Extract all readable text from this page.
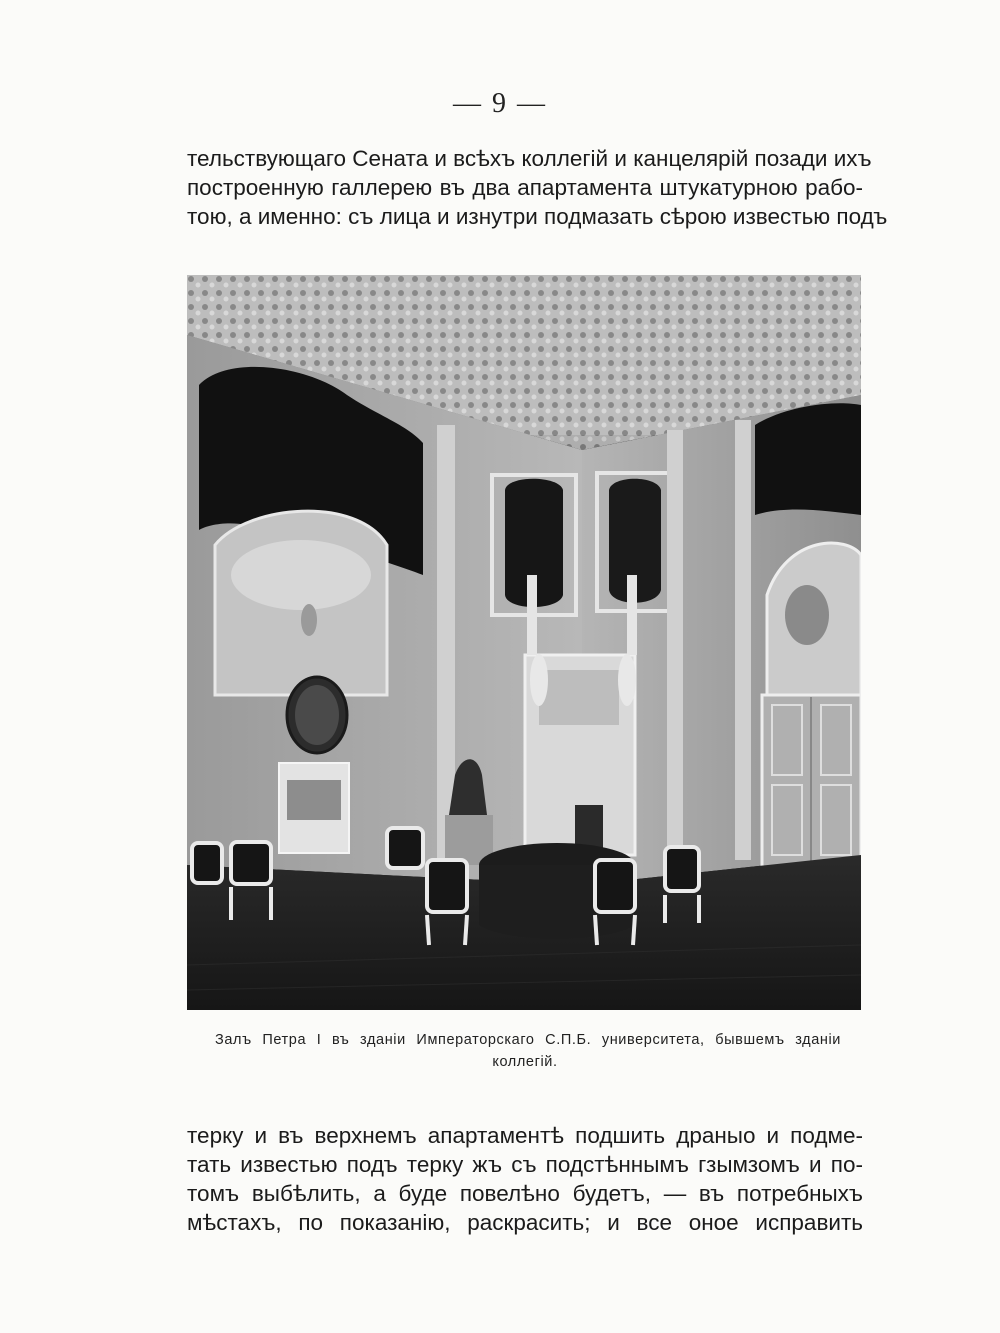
— 9 —
тельствующаго Сената и всѣхъ коллегій и канцелярій позади ихъ
построенную галлерею въ два апартамента штукатурною рабо-
тою, а именно: съ лица и изнутри подмазать сѣрою известью подъ
Залъ Петра I въ зданіи Императорскаго С.П.Б. университета, бывшемъ зданіи
коллегій.
терку и въ верхнемъ апартаментѣ подшить драныо и подме-
тать известью подъ терку жъ съ подстѣннымъ гзымзомъ и по-
томъ выбѣлить, а буде повелѣно будетъ, — въ потребныхъ
мѣстахъ, по показанію, раскрасить; и все оное исправить
